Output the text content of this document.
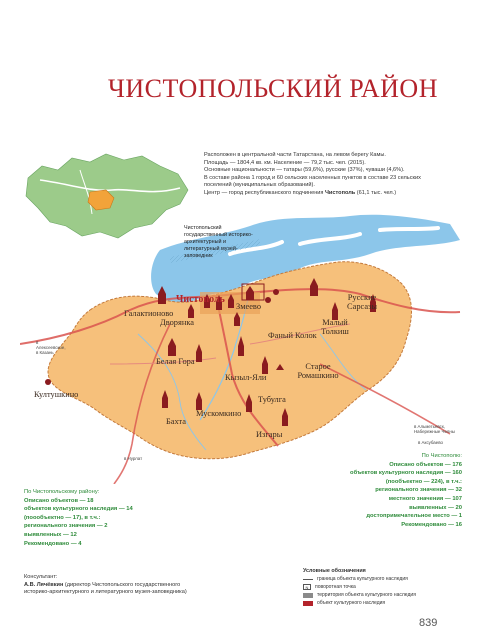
ЧИСТОПОЛЬСКИЙ РАЙОН
Расположен в центральной части Татарстана, на левом берегу Камы.
Площадь — 1804,4 кв. км. Население — 79,2 тыс. чел. (2015).
Основные национальности — татары (59,6%), русские (37%), чуваши (4,6%).
В составе района 1 город и 60 сельских населенных пунктов в составе 23 сельских
поселений (муниципальных образований).
Центр — город республиканского подчинения Чистополь (61,1 тыс. чел.)
Галактионово
Чистополь
Дворянка
Змеево
Русские Сарсазы
Малый Толкиш
Фаный Колок
Белая Гора
Кызыл-Яли
Старое Ромашкино
Култушкино
Тубулга
Мускомкино
Бахта
Изгары
в Алексеевское, в Казань
в Альметьевск, Набережные Челны
в Нурлат
в Аксубаево
Чистопольский государственный историко-архитектурный и литературный музей-заповедник
По Чистопольскому району:
Описано объектов — 18
объектов культурного наследия — 14
(поообъектно — 17), в т.ч.:
регионального значения — 2
выявленных — 12
Рекомендовано — 4
По Чистополю:
Описано объектов — 176
объектов культурного наследия — 160
(пообъектно — 224), в т.ч.:
регионального значения — 32
местного значения — 107
выявленных — 20
достопримечательное место — 1
Рекомендовано — 16
Консультант:
А.В. Лячёвкин (директор Чистопольского государственного
историко-архитектурного и литературного музея-заповедника)
Условные обозначения
граница объекта культурного наследия
N	поворотная точка
территория объекта культурного наследия
объект культурного наследия
839
